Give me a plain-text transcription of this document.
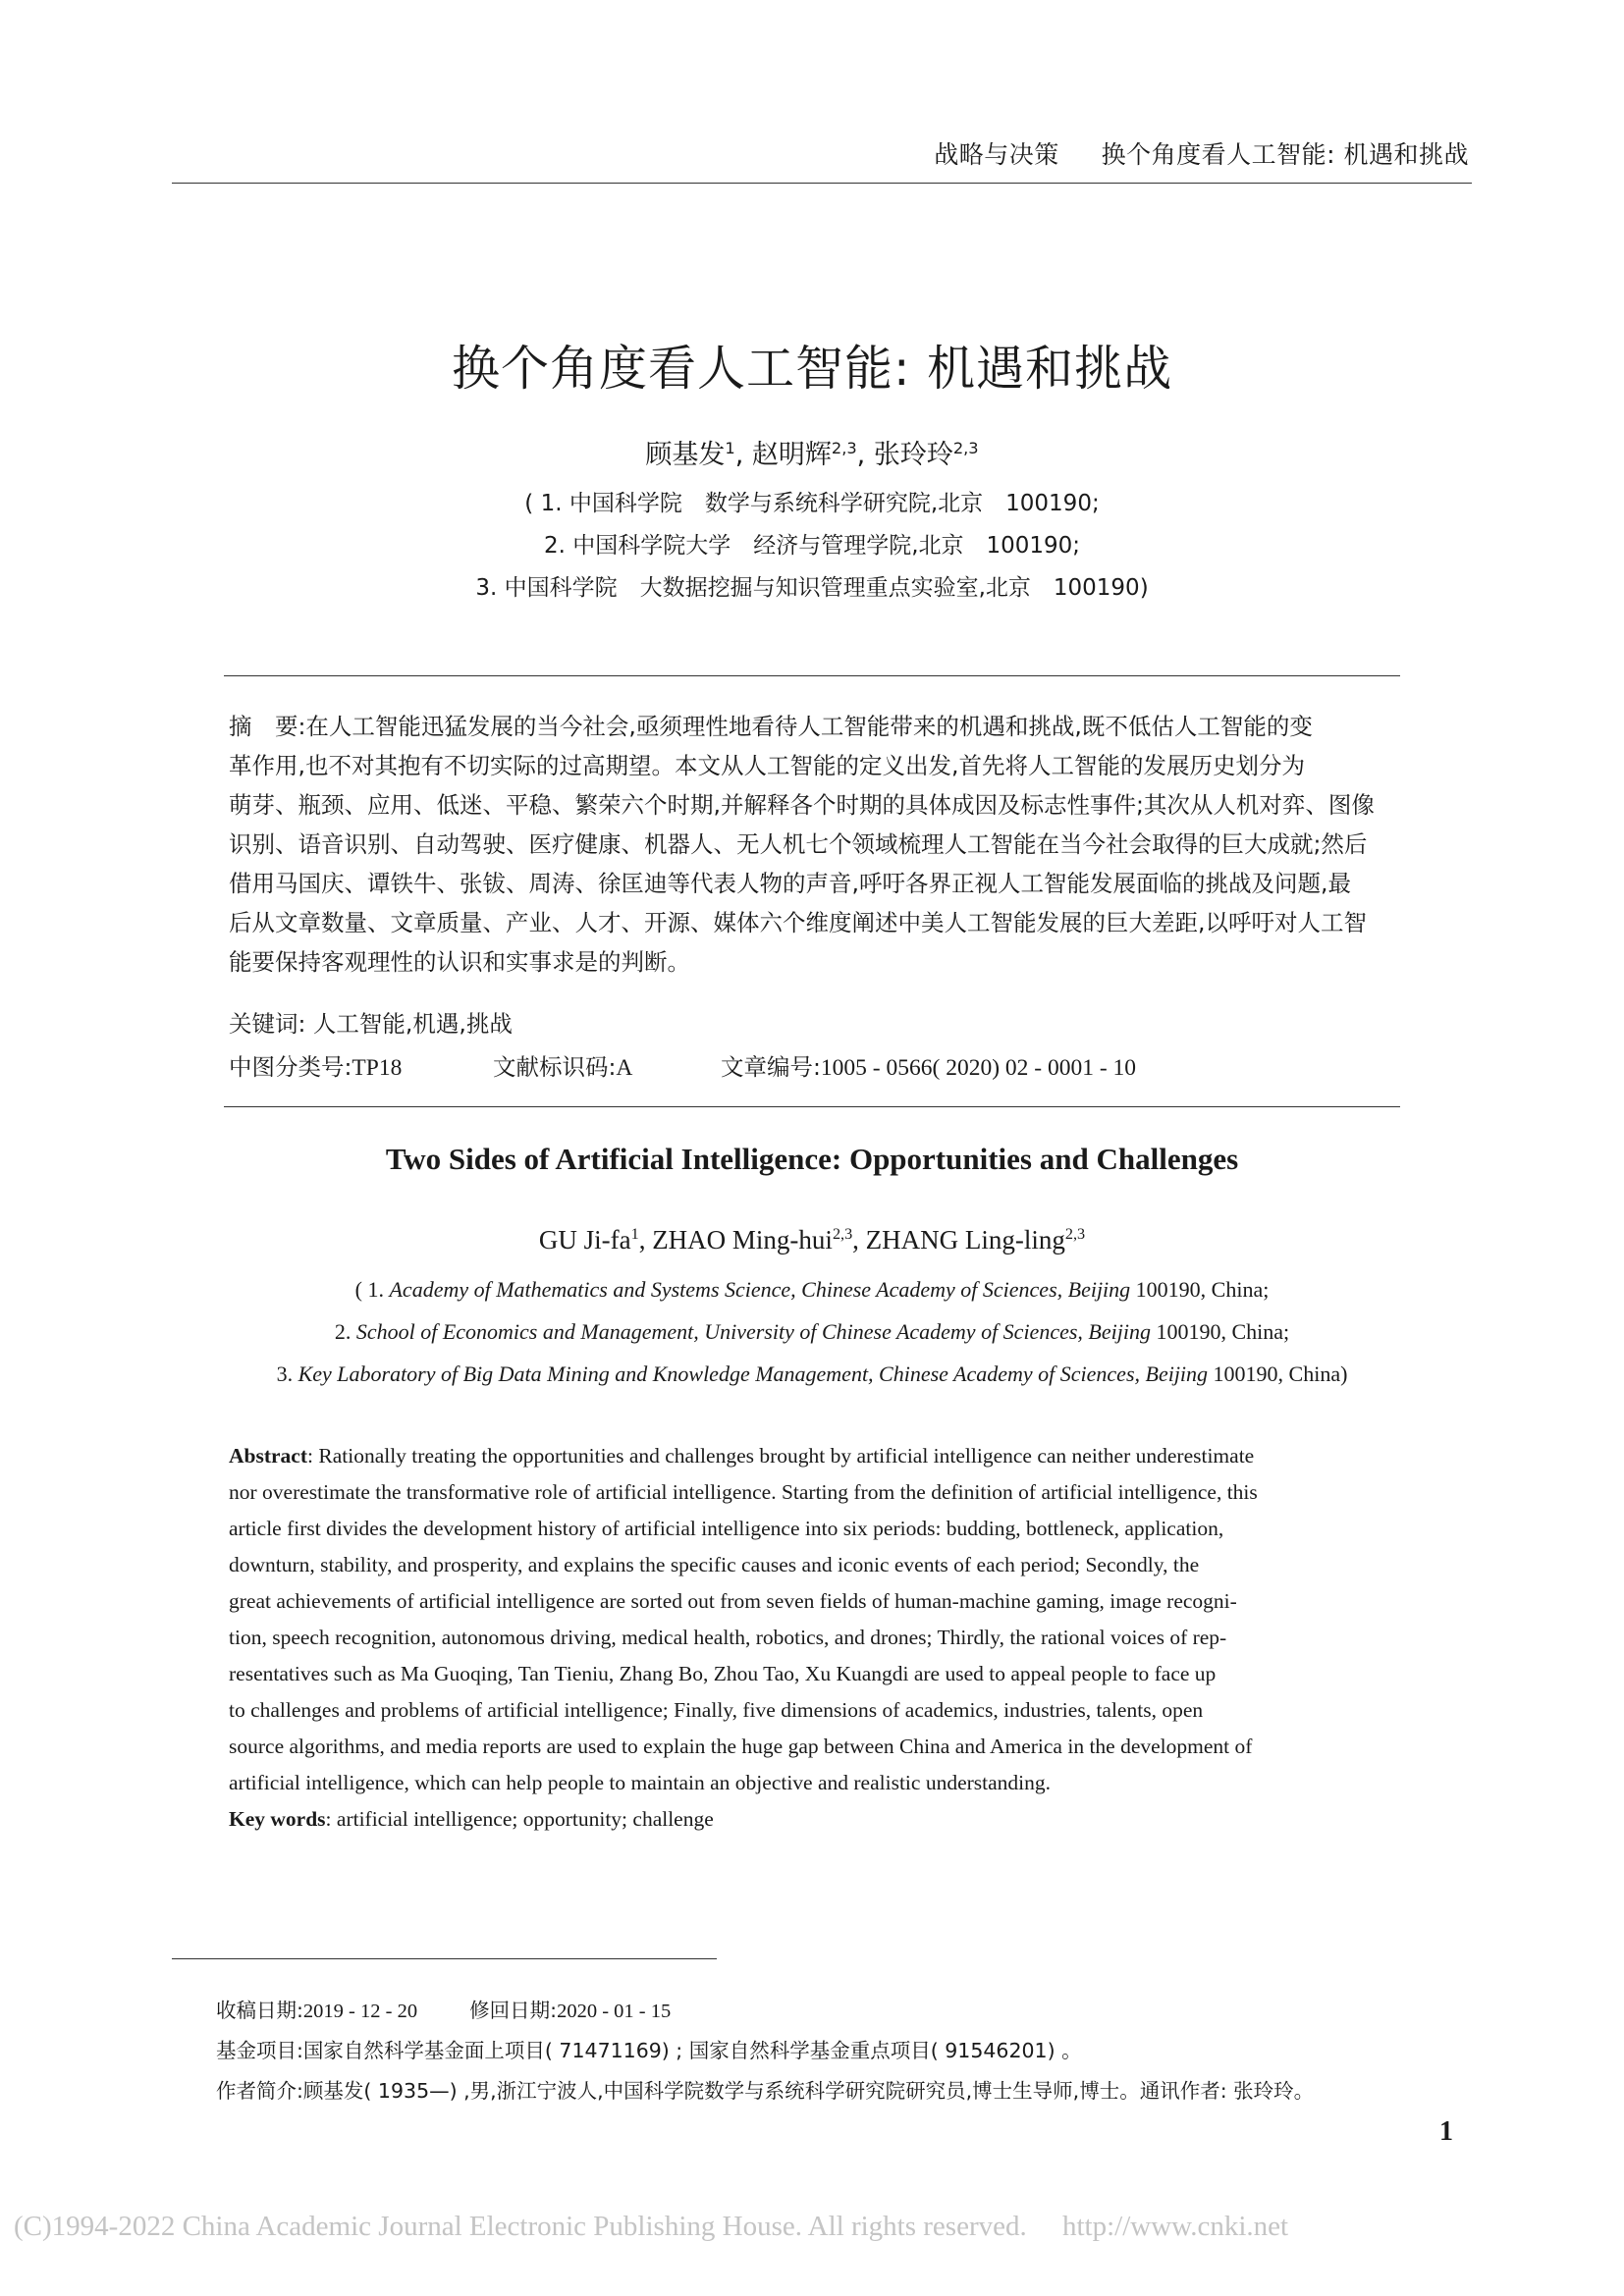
战略与决策 换个角度看人工智能: 机遇和挑战
换个角度看人工智能: 机遇和挑战
顾基发$^1$, 赵明辉$^{2,3}$, 张玲玲$^{2,3}$
( 1. 中国科学院　数学与系统科学研究院,北京　100190;
2. 中国科学院大学　经济与管理学院,北京　100190;
3. 中国科学院　大数据挖掘与知识管理重点实验室,北京　100190)
摘　要:在人工智能迅猛发展的当今社会,亟须理性地看待人工智能带来的机遇和挑战,既不低估人工智能的变
革作用,也不对其抱有不切实际的过高期望。本文从人工智能的定义出发,首先将人工智能的发展历史划分为
萌芽、瓶颈、应用、低迷、平稳、繁荣六个时期,并解释各个时期的具体成因及标志性事件;其次从人机对弈、图像
识别、语音识别、自动驾驶、医疗健康、机器人、无人机七个领域梳理人工智能在当今社会取得的巨大成就;然后
借用马国庆、谭铁牛、张钹、周涛、徐匡迪等代表人物的声音,呼吁各界正视人工智能发展面临的挑战及问题,最
后从文章数量、文章质量、产业、人才、开源、媒体六个维度阐述中美人工智能发展的巨大差距,以呼吁对人工智
能要保持客观理性的认识和实事求是的判断。
关键词: 人工智能,机遇,挑战
中图分类号:TP18	文献标识码:A	文章编号:1005 - 0566( 2020) 02 - 0001 - 10
Two Sides of Artificial Intelligence: Opportunities and Challenges
GU $Ji-fa^1$, ZHAO Ming-hui$^{2,3}$, ZHANG Ling-ling$^{2,3}$
( 1. Academy of Mathematics and Systems Science, Chinese Academy of Sciences, Beijing 100190, China;
2. School of Economics and Management, University of Chinese Academy of Sciences, Beijing 100190, China;
3. Key Laboratory of Big Data Mining and Knowledge Management, Chinese Academy of Sciences, Beijing 100190, China)
Abstract: Rationally treating the opportunities and challenges brought by artificial intelligence can neither underestimate
nor overestimate the transformative role of artificial intelligence. Starting from the definition of artificial intelligence, this
article first divides the development history of artificial intelligence into six periods: budding, bottleneck, application,
downturn, stability, and prosperity, and explains the specific causes and iconic events of each period; Secondly, the
great achievements of artificial intelligence are sorted out from seven fields of human-machine gaming, image recogni-
tion, speech recognition, autonomous driving, medical health, robotics, and drones; Thirdly, the rational voices of rep-
resentatives such as Ma Guoqing, Tan Tieniu, Zhang Bo, Zhou Tao, Xu Kuangdi are used to appeal people to face up
to challenges and problems of artificial intelligence; Finally, five dimensions of academics, industries, talents, open
source algorithms, and media reports are used to explain the huge gap between China and America in the development of
artificial intelligence, which can help people to maintain an objective and realistic understanding.
Key words: artificial intelligence; opportunity; challenge
收稿日期:2019 - 12 - 20	修回日期:2020 - 01 - 15
基金项目:国家自然科学基金面上项目( 71471169) ; 国家自然科学基金重点项目( 91546201) 。
作者简介:顾基发( 1935—) ,男,浙江宁波人,中国科学院数学与系统科学研究院研究员,博士生导师,博士。通讯作者: 张玲玲。
1
(C)1994-2022 China Academic Journal Electronic Publishing House. All rights reserved.　 http://www.cnki.net
